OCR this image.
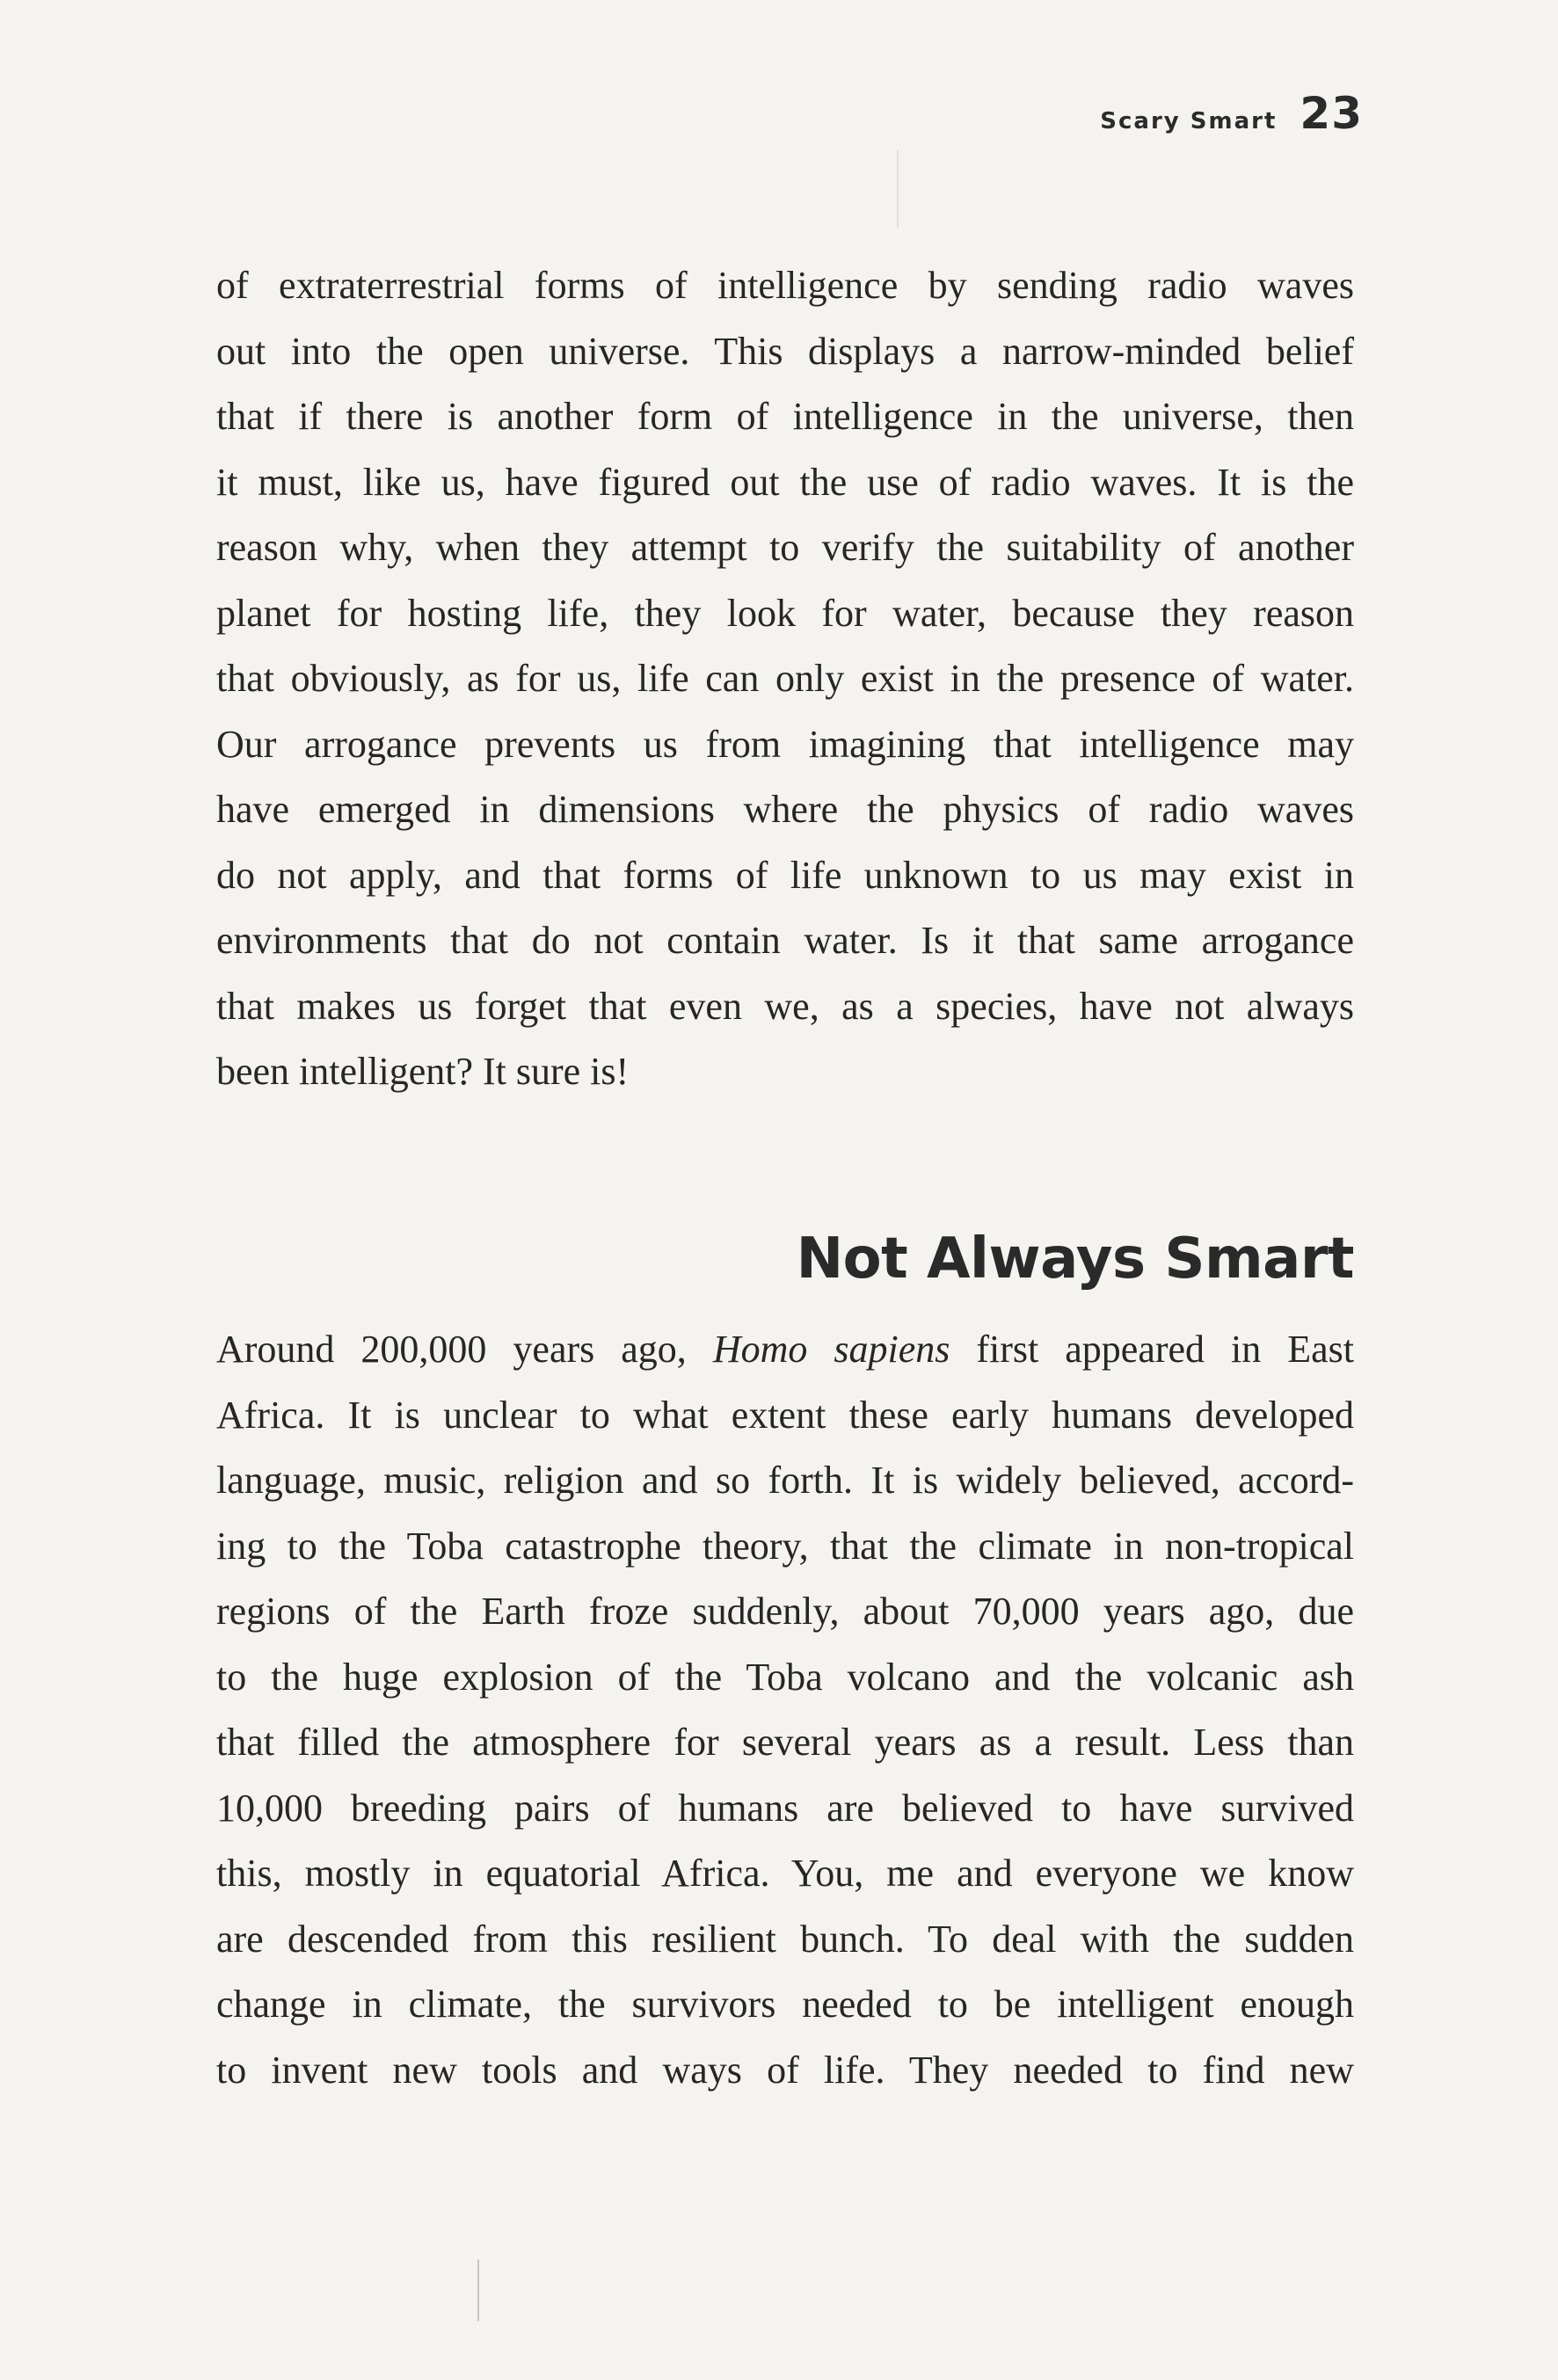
Scary Smart 23
of extraterrestrial forms of intelligence by sending radio waves
out into the open universe. This displays a narrow-minded belief
that if there is another form of intelligence in the universe, then
it must, like us, have figured out the use of radio waves. It is the
reason why, when they attempt to verify the suitability of another
planet for hosting life, they look for water, because they reason
that obviously, as for us, life can only exist in the presence of water.
Our arrogance prevents us from imagining that intelligence may
have emerged in dimensions where the physics of radio waves
do not apply, and that forms of life unknown to us may exist in
environments that do not contain water. Is it that same arrogance
that makes us forget that even we, as a species, have not always
been intelligent? It sure is!
Not Always Smart
Around 200,000 years ago, Homo sapiens first appeared in East
Africa. It is unclear to what extent these early humans developed
language, music, religion and so forth. It is widely believed, accord-
ing to the Toba catastrophe theory, that the climate in non-tropical
regions of the Earth froze suddenly, about 70,000 years ago, due
to the huge explosion of the Toba volcano and the volcanic ash
that filled the atmosphere for several years as a result. Less than
10,000 breeding pairs of humans are believed to have survived
this, mostly in equatorial Africa. You, me and everyone we know
are descended from this resilient bunch. To deal with the sudden
change in climate, the survivors needed to be intelligent enough
to invent new tools and ways of life. They needed to find new
